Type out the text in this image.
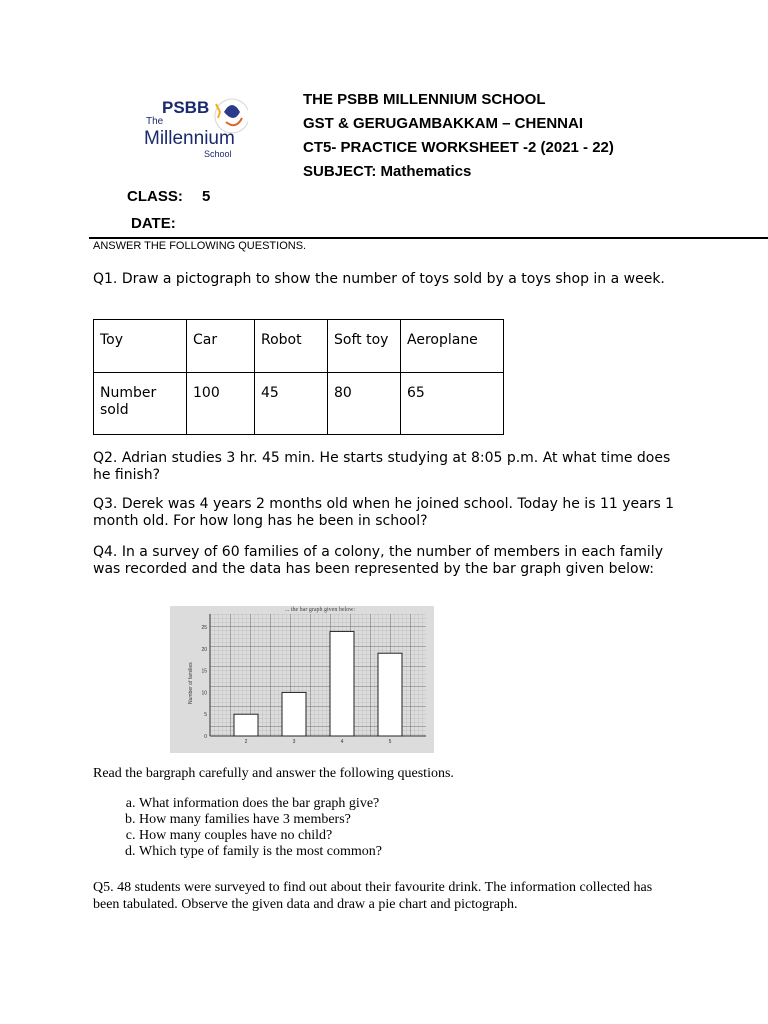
The
PSBB
Millennium
School
THE PSBB MILLENNIUM SCHOOL
GST & GERUGAMBAKKAM – CHENNAI
CT5- PRACTICE WORKSHEET -2 (2021 - 22)
SUBJECT: Mathematics
CLASS: 5
DATE:
ANSWER THE FOLLOWING QUESTIONS.
Q1. Draw a pictograph to show the number of toys sold by a toys shop in a week.
Toy	Car	Robot	Soft toy	Aeroplane
Number sold	100	45	80	65
Q2. Adrian studies 3 hr. 45 min. He starts studying at 8:05 p.m. At what time does he finish?
Q3. Derek was 4 years 2 months old when he joined school. Today he is 11 years 1 month old. For how long has he been in school?
Q4. In a survey of 60 families of a colony, the number of members in each family was recorded and the data has been represented by the bar graph given below:
... the bar graph given below:
Number of families
0
5
10
15
20
25
2	3	4	5
Read the bargraph carefully and answer the following questions.
a. What information does the bar graph give?
b. How many families have 3 members?
c. How many couples have no child?
d. Which type of family is the most common?
Q5. 48 students were surveyed to find out about their favourite drink. The information collected has been tabulated. Observe the given data and draw a pie chart and pictograph.
